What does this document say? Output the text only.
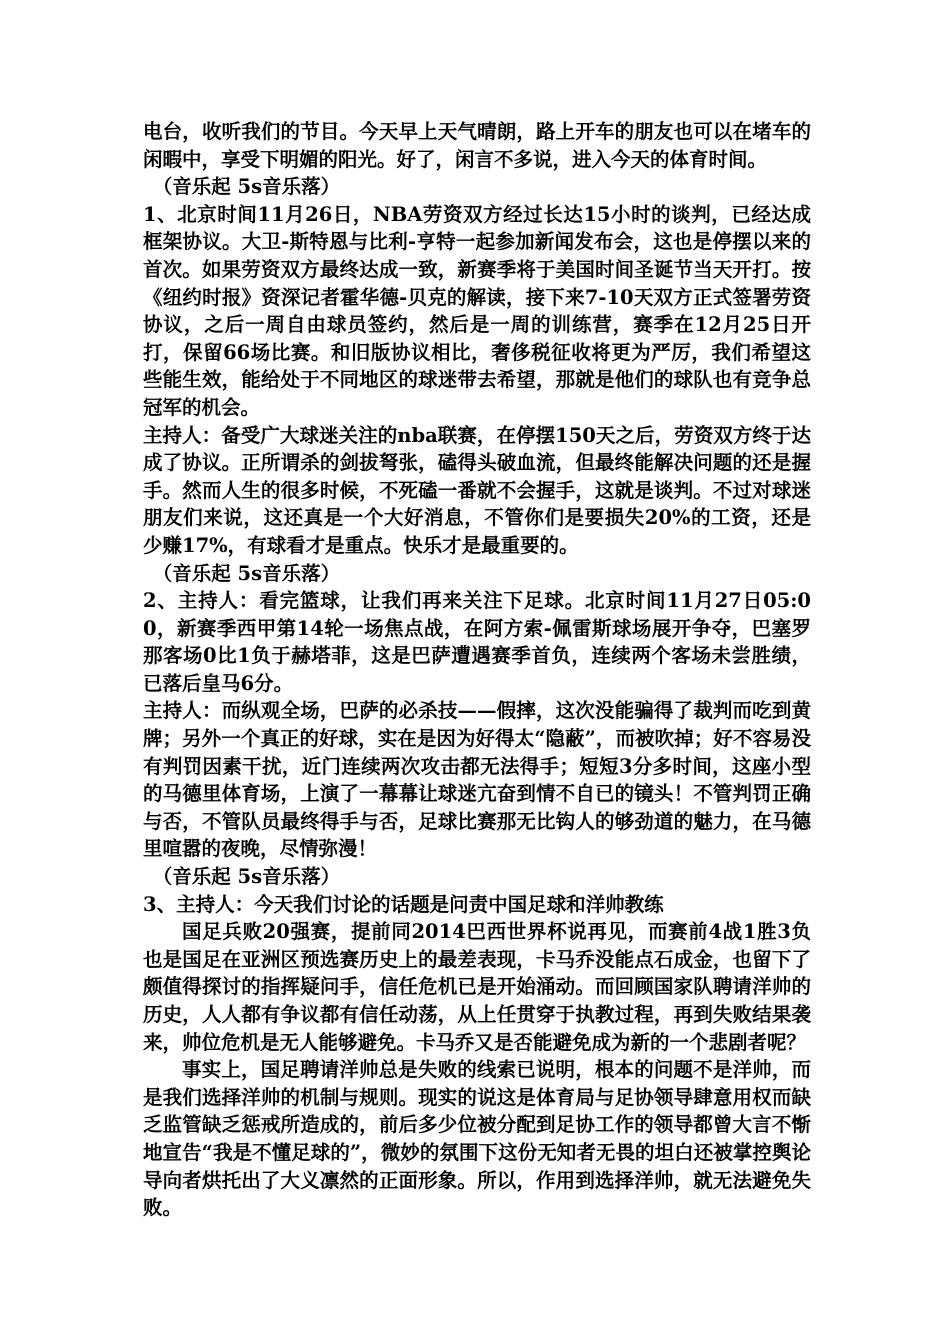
电台，收听我们的节目。今天早上天气晴朗，路上开车的朋友也可以在堵车的闲暇中，享受下明媚的阳光。好了，闲言不多说，进入今天的体育时间。

（音乐起 5s音乐落）

1、北京时间11月26日，NBA劳资双方经过长达15小时的谈判，已经达成框架协议。大卫-斯特恩与比利-亨特一起参加新闻发布会，这也是停摆以来的首次。如果劳资双方最终达成一致，新赛季将于美国时间圣诞节当天开打。按《纽约时报》资深记者霍华德-贝克的解读，接下来7-10天双方正式签署劳资协议，之后一周自由球员签约，然后是一周的训练营，赛季在12月25日开打，保留66场比赛。和旧版协议相比，奢侈税征收将更为严厉，我们希望这些能生效，能给处于不同地区的球迷带去希望，那就是他们的球队也有竞争总冠军的机会。

主持人：备受广大球迷关注的nba联赛，在停摆150天之后，劳资双方终于达成了协议。正所谓杀的剑拔弩张，磕得头破血流，但最终能解决问题的还是握手。然而人生的很多时候，不死磕一番就不会握手，这就是谈判。不过对球迷朋友们来说，这还真是一个大好消息，不管你们是要损失20%的工资，还是少赚17%，有球看才是重点。快乐才是最重要的。

（音乐起 5s音乐落）

2、主持人：看完篮球，让我们再来关注下足球。北京时间11月27日05:00，新赛季西甲第14轮一场焦点战，在阿方索-佩雷斯球场展开争夺，巴塞罗那客场0比1负于赫塔菲，这是巴萨遭遇赛季首负，连续两个客场未尝胜绩，已落后皇马6分。

主持人：而纵观全场，巴萨的必杀技——假摔，这次没能骗得了裁判而吃到黄牌；另外一个真正的好球，实在是因为好得太“隐蔽”，而被吹掉；好不容易没有判罚因素干扰，近门连续两次攻击都无法得手；短短3分多时间，这座小型的马德里体育场，上演了一幕幕让球迷亢奋到情不自已的镜头！不管判罚正确与否，不管队员最终得手与否，足球比赛那无比钩人的够劲道的魅力，在马德里喧嚣的夜晚，尽情弥漫！

（音乐起 5s音乐落）

3、主持人：今天我们讨论的话题是问责中国足球和洋帅教练

国足兵败20强赛，提前同2014巴西世界杯说再见，而赛前4战1胜3负也是国足在亚洲区预选赛历史上的最差表现，卡马乔没能点石成金，也留下了颇值得探讨的指挥疑问手，信任危机已是开始涌动。而回顾国家队聘请洋帅的历史，人人都有争议都有信任动荡，从上任贯穿于执教过程，再到失败结果袭来，帅位危机是无人能够避免。卡马乔又是否能避免成为新的一个悲剧者呢？

事实上，国足聘请洋帅总是失败的线索已说明，根本的问题不是洋帅，而是我们选择洋帅的机制与规则。现实的说这是体育局与足协领导肆意用权而缺乏监管缺乏惩戒所造成的，前后多少位被分配到足协工作的领导都曾大言不惭地宣告“我是不懂足球的”，微妙的氛围下这份无知者无畏的坦白还被掌控舆论导向者烘托出了大义凛然的正面形象。所以，作用到选择洋帅，就无法避免失败。
